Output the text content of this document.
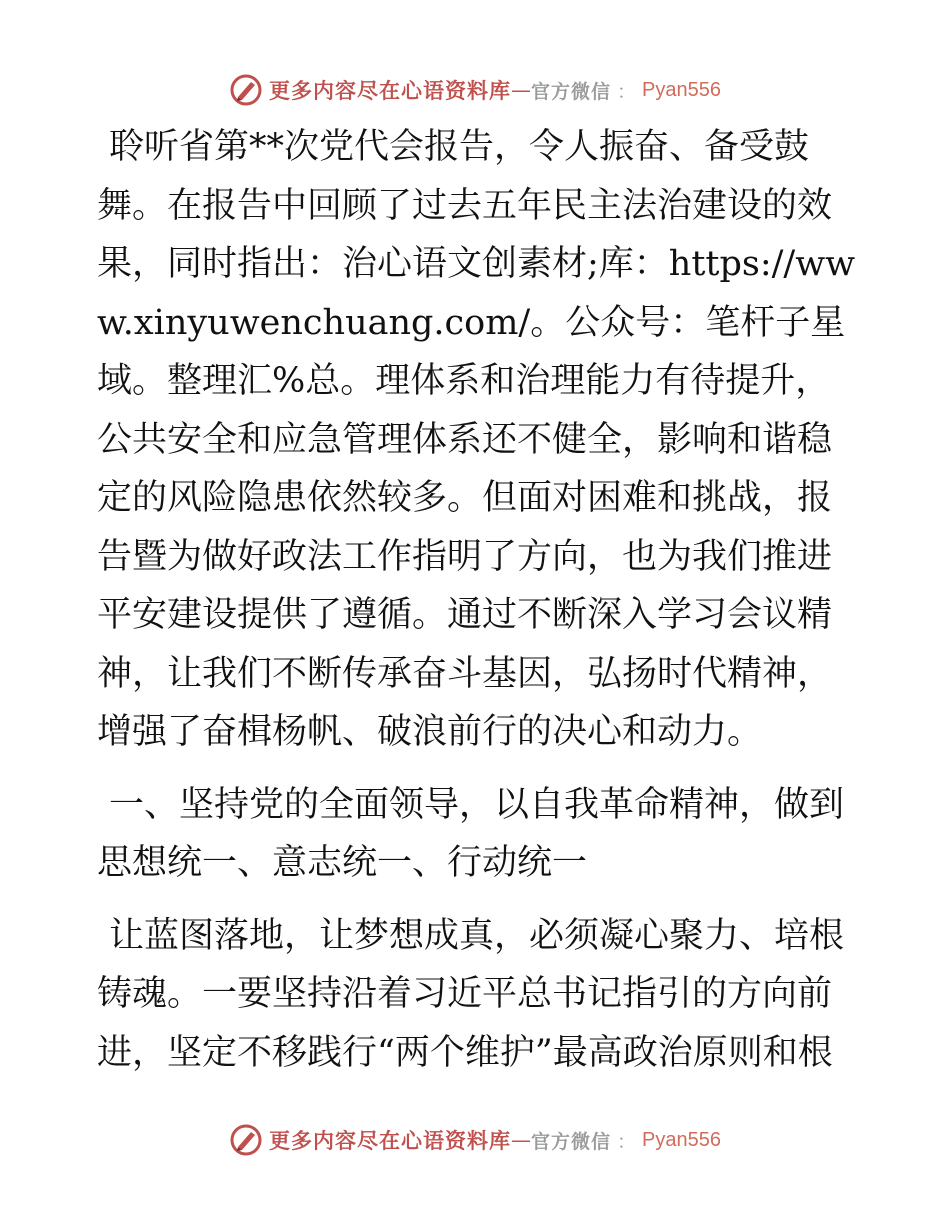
更多内容尽在心语资料库 — 官方微信 ： Pyan556

聆听省第**次党代会报告，令人振奋、备受鼓舞。在报告中回顾了过去五年民主法治建设的效果，同时指出：治心语文创素材;库：https://www.xinyuwenchuang.com/。公众号：笔杆子星域。整理汇%总。理体系和治理能力有待提升，公共安全和应急管理体系还不健全，影响和谐稳定的风险隐患依然较多。但面对困难和挑战，报告暨为做好政法工作指明了方向，也为我们推进平安建设提供了遵循。通过不断深入学习会议精神，让我们不断传承奋斗基因，弘扬时代精神，增强了奋楫杨帆、破浪前行的决心和动力。

一、坚持党的全面领导，以自我革命精神，做到思想统一、意志统一、行动统一

让蓝图落地，让梦想成真，必须凝心聚力、培根铸魂。一要坚持沿着习近平总书记指引的方向前进，坚定不移践行“两个维护”最高政治原则和根

更多内容尽在心语资料库 — 官方微信 ： Pyan556
